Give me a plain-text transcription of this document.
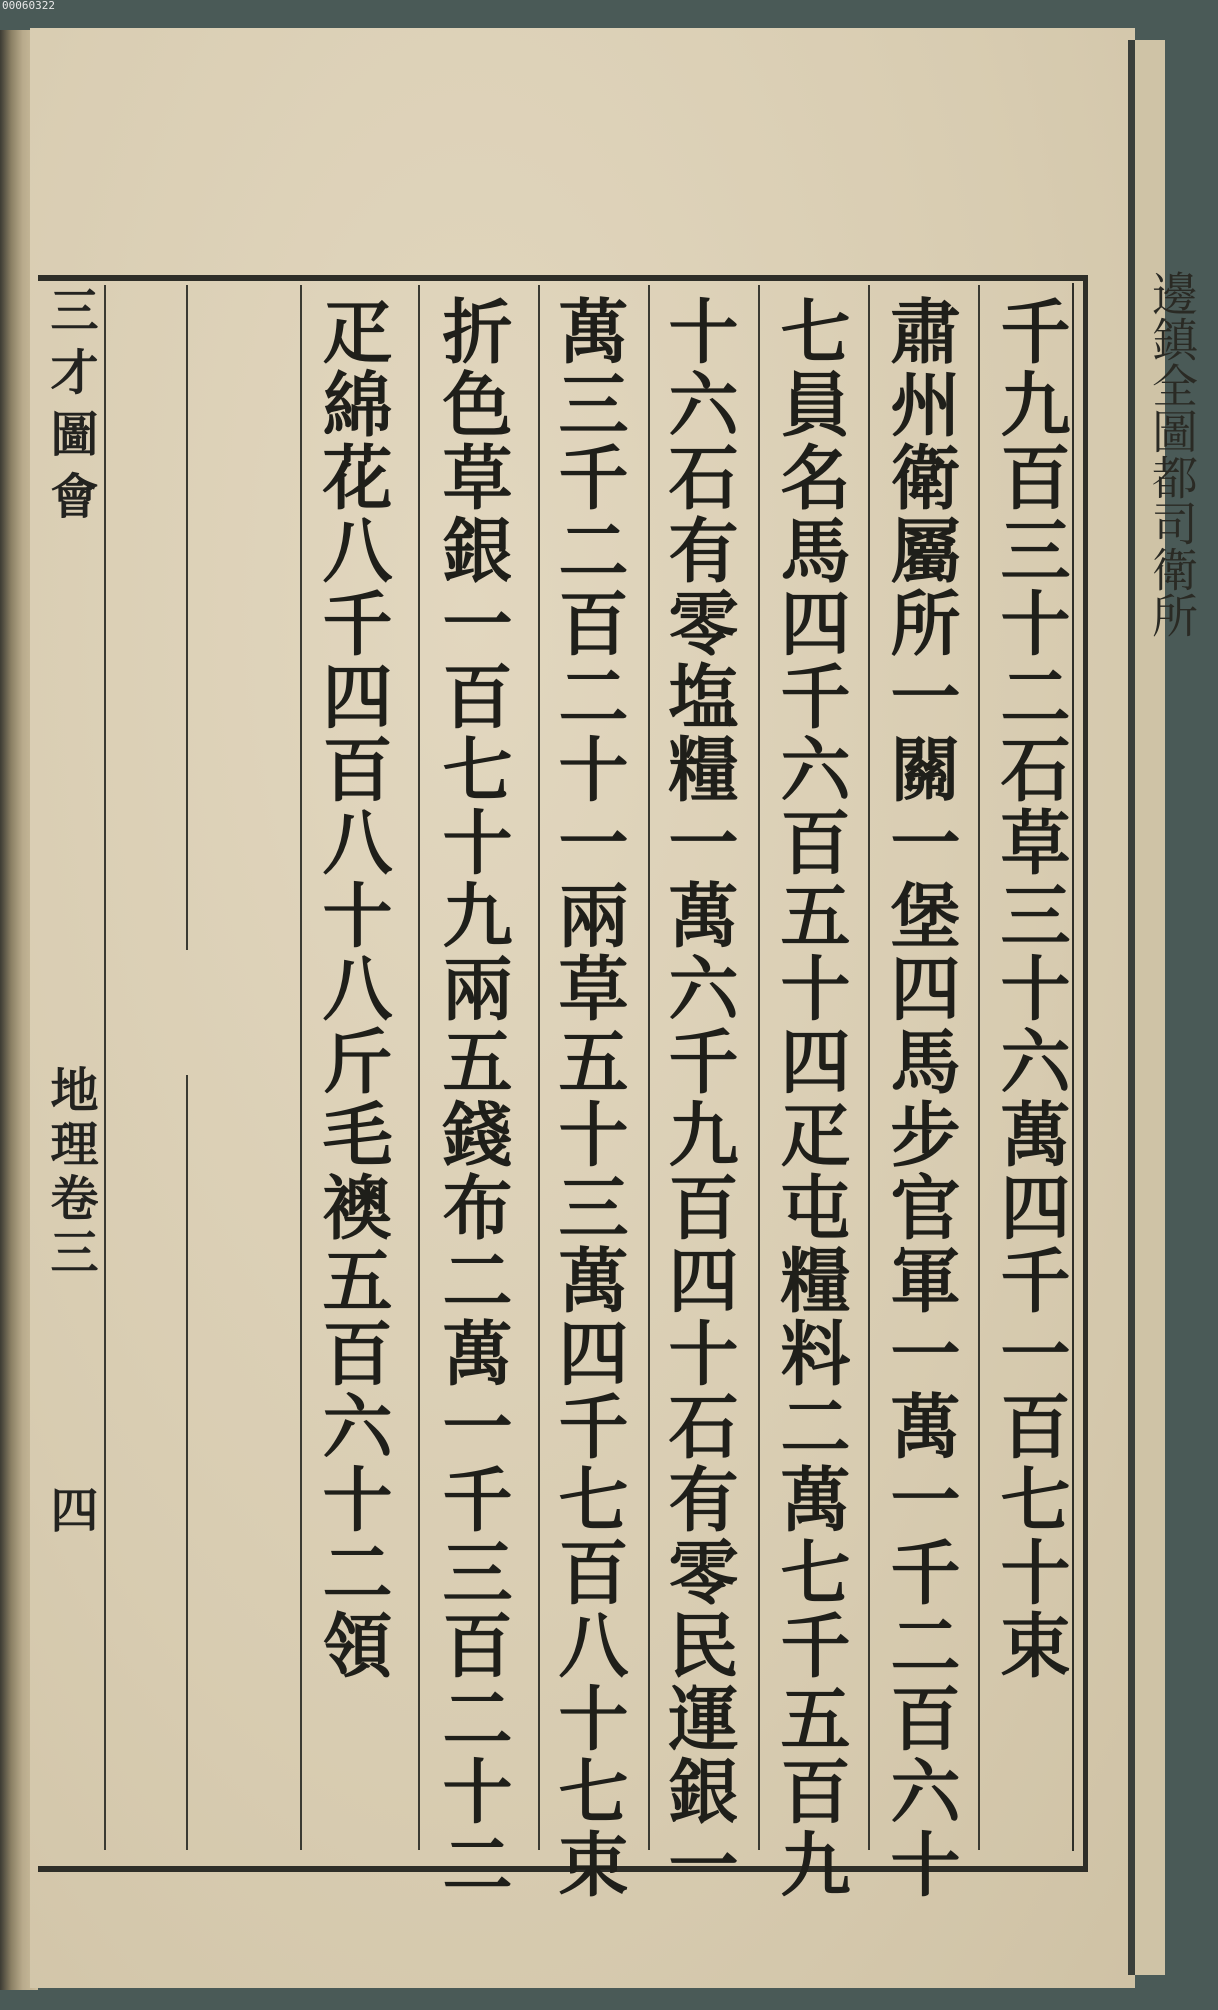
00060322
邊鎮全圖都司衛所
千九百三十二石草三十六萬四千一百七十束
肅州衛屬所一關一堡四馬步官軍一萬一千二百六十
七員名馬四千六百五十四疋屯糧料二萬七千五百九
十六石有零塩糧一萬六千九百四十石有零民運銀一
萬三千二百二十一兩草五十三萬四千七百八十七束
折色草銀一百七十九兩五錢布二萬一千三百二十二
疋綿花八千四百八十八斤毛襖五百六十二領
三才圖會
地理卷三
四
